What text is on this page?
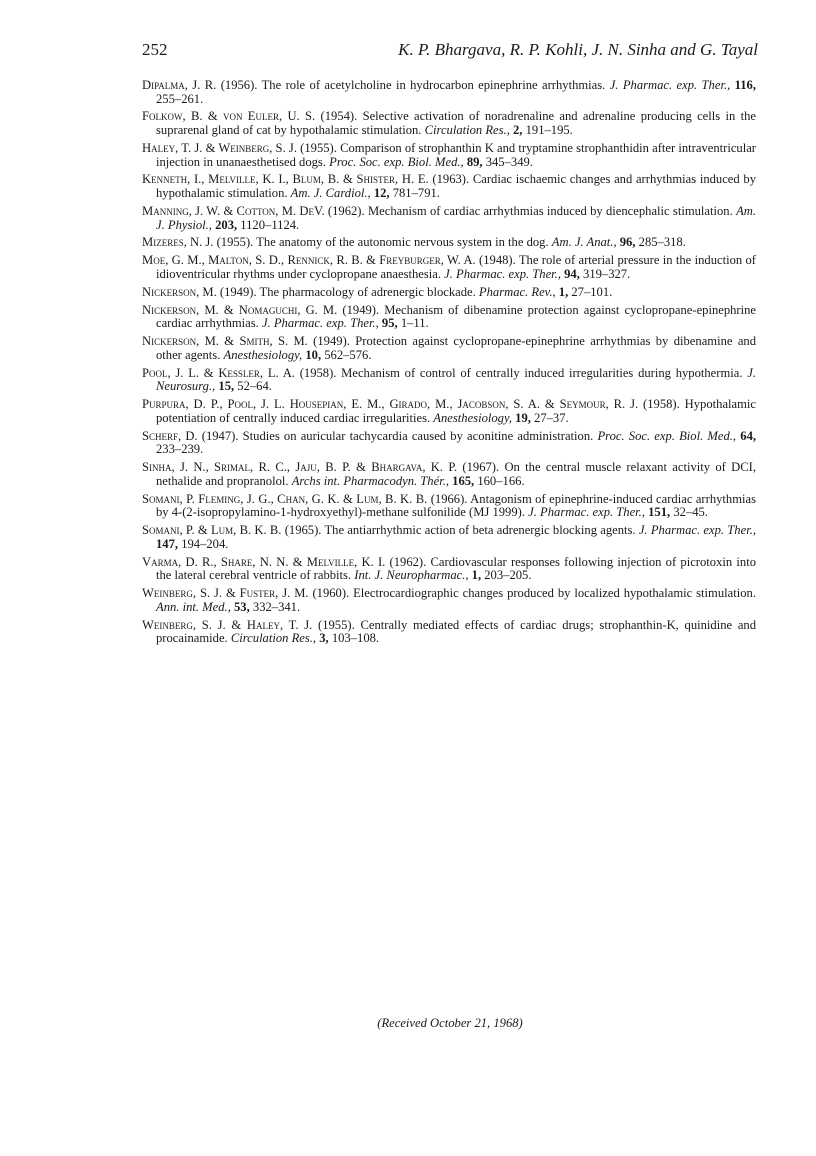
252	K. P. Bhargava, R. P. Kohli, J. N. Sinha and G. Tayal
Dipalma, J. R. (1956). The role of acetylcholine in hydrocarbon epinephrine arrhythmias. J. Pharmac. exp. Ther., 116, 255–261.
Folkow, B. & von Euler, U. S. (1954). Selective activation of noradrenaline and adrenaline producing cells in the suprarenal gland of cat by hypothalamic stimulation. Circulation Res., 2, 191–195.
Haley, T. J. & Weinberg, S. J. (1955). Comparison of strophanthin K and tryptamine strophanthidin after intraventricular injection in unanaesthetised dogs. Proc. Soc. exp. Biol. Med., 89, 345–349.
Kenneth, I., Melville, K. I., Blum, B. & Shister, H. E. (1963). Cardiac ischaemic changes and arrhythmias induced by hypothalamic stimulation. Am. J. Cardiol., 12, 781–791.
Manning, J. W. & Cotton, M. DeV. (1962). Mechanism of cardiac arrhythmias induced by diencephalic stimulation. Am. J. Physiol., 203, 1120–1124.
Mizeres, N. J. (1955). The anatomy of the autonomic nervous system in the dog. Am. J. Anat., 96, 285–318.
Moe, G. M., Malton, S. D., Rennick, R. B. & Freyburger, W. A. (1948). The role of arterial pressure in the induction of idioventricular rhythms under cyclopropane anaesthesia. J. Pharmac. exp. Ther., 94, 319–327.
Nickerson, M. (1949). The pharmacology of adrenergic blockade. Pharmac. Rev., 1, 27–101.
Nickerson, M. & Nomaguchi, G. M. (1949). Mechanism of dibenamine protection against cyclopropane-epinephrine cardiac arrhythmias. J. Pharmac. exp. Ther., 95, 1–11.
Nickerson, M. & Smith, S. M. (1949). Protection against cyclopropane-epinephrine arrhythmias by dibenamine and other agents. Anesthesiology, 10, 562–576.
Pool, J. L. & Kessler, L. A. (1958). Mechanism of control of centrally induced irregularities during hypothermia. J. Neurosurg., 15, 52–64.
Purpura, D. P., Pool, J. L. Housepian, E. M., Girado, M., Jacobson, S. A. & Seymour, R. J. (1958). Hypothalamic potentiation of centrally induced cardiac irregularities. Anesthesiology, 19, 27–37.
Scherf, D. (1947). Studies on auricular tachycardia caused by aconitine administration. Proc. Soc. exp. Biol. Med., 64, 233–239.
Sinha, J. N., Srimal, R. C., Jaju, B. P. & Bhargava, K. P. (1967). On the central muscle relaxant activity of DCI, nethalide and propranolol. Archs int. Pharmacodyn. Thér., 165, 160–166.
Somani, P. Fleming, J. G., Chan, G. K. & Lum, B. K. B. (1966). Antagonism of epinephrine-induced cardiac arrhythmias by 4-(2-isopropylamino-1-hydroxyethyl)-methane sulfonilide (MJ 1999). J. Pharmac. exp. Ther., 151, 32–45.
Somani, P. & Lum, B. K. B. (1965). The antiarrhythmic action of beta adrenergic blocking agents. J. Pharmac. exp. Ther., 147, 194–204.
Varma, D. R., Share, N. N. & Melville, K. I. (1962). Cardiovascular responses following injection of picrotoxin into the lateral cerebral ventricle of rabbits. Int. J. Neuropharmac., 1, 203–205.
Weinberg, S. J. & Fuster, J. M. (1960). Electrocardiographic changes produced by localized hypothalamic stimulation. Ann. int. Med., 53, 332–341.
Weinberg, S. J. & Haley, T. J. (1955). Centrally mediated effects of cardiac drugs; strophanthin-K, quinidine and procainamide. Circulation Res., 3, 103–108.
(Received October 21, 1968)
